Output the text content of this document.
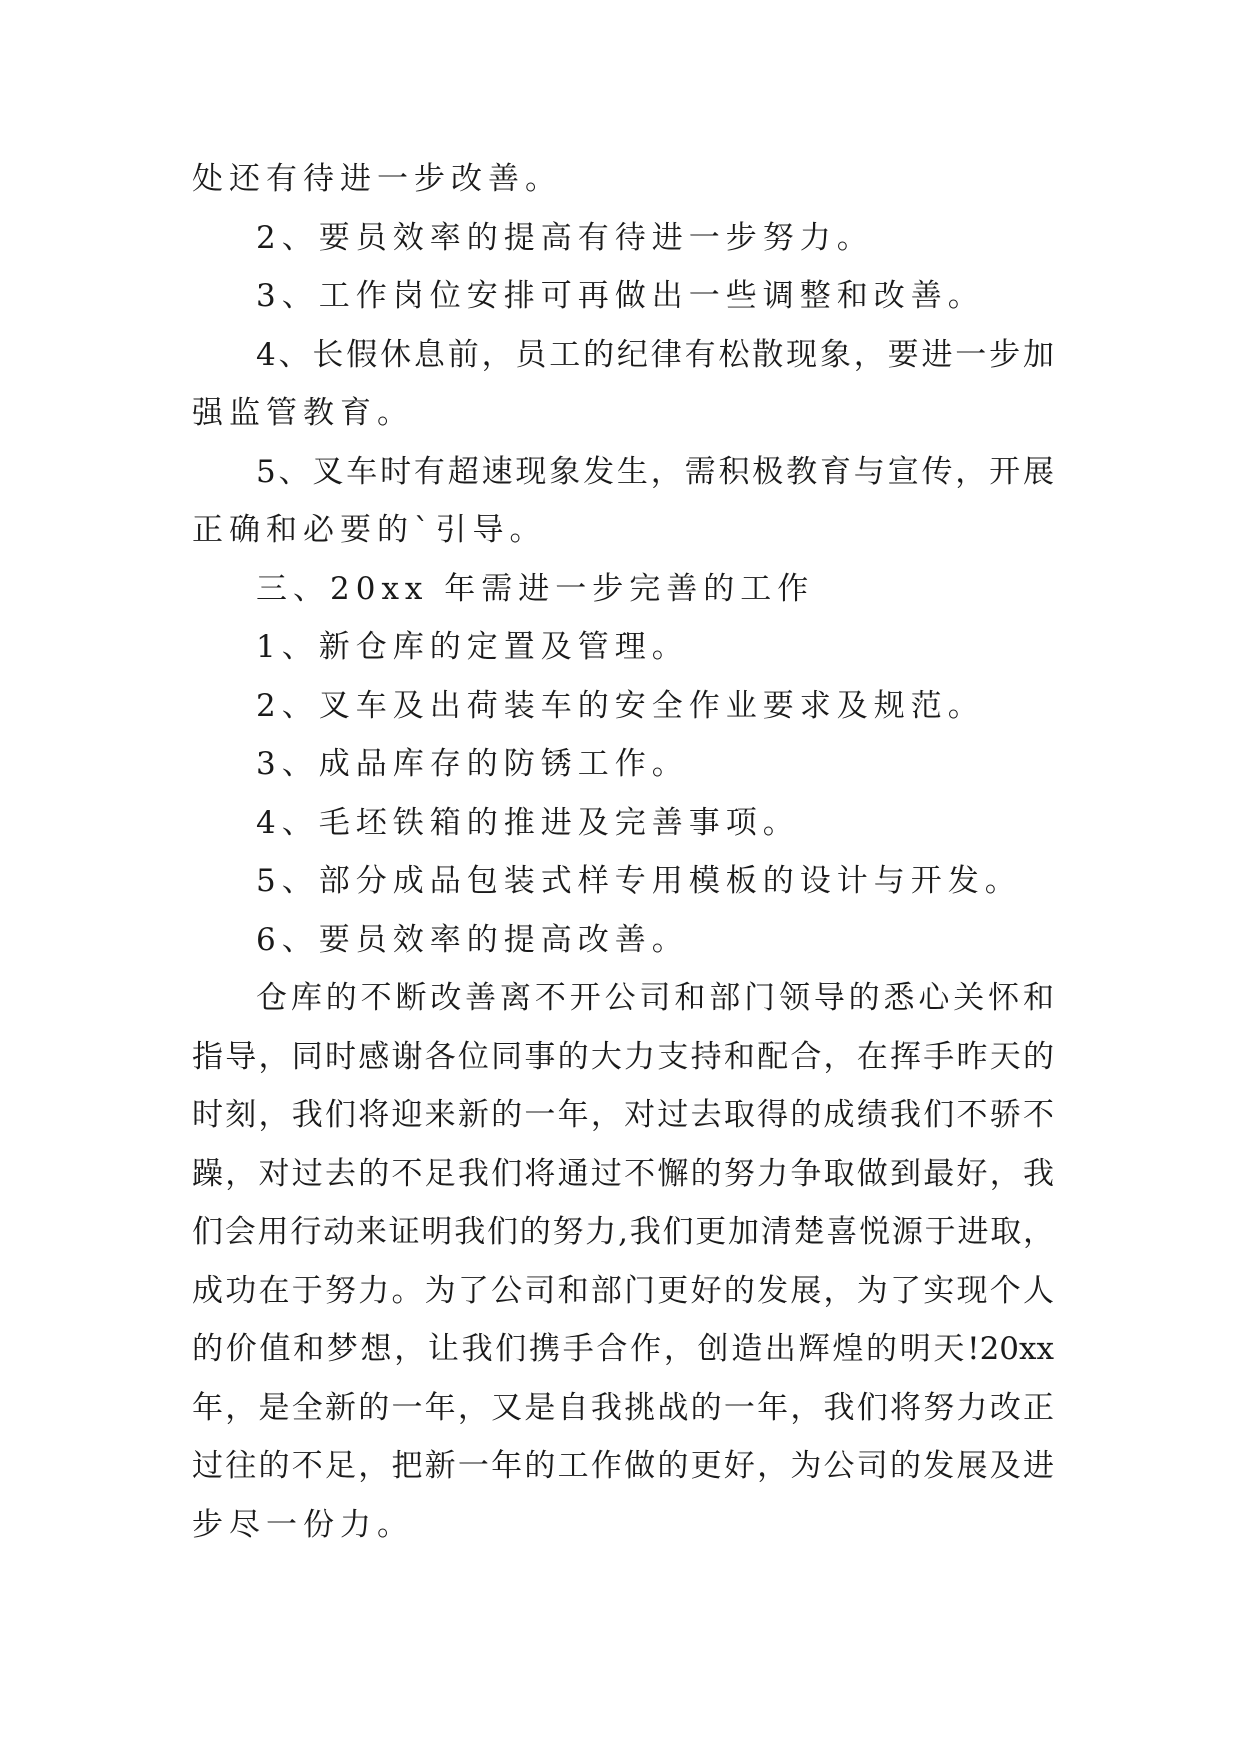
处还有待进一步改善。
2、要员效率的提高有待进一步努力。
3、工作岗位安排可再做出一些调整和改善。
4、长假休息前，员工的纪律有松散现象，要进一步加
强监管教育。
5、叉车时有超速现象发生，需积极教育与宣传，开展
正确和必要的`引导。
三、20xx 年需进一步完善的工作
1、新仓库的定置及管理。
2、叉车及出荷装车的安全作业要求及规范。
3、成品库存的防锈工作。
4、毛坯铁箱的推进及完善事项。
5、部分成品包装式样专用模板的设计与开发。
6、要员效率的提高改善。
仓库的不断改善离不开公司和部门领导的悉心关怀和
指导，同时感谢各位同事的大力支持和配合，在挥手昨天的
时刻，我们将迎来新的一年，对过去取得的成绩我们不骄不
躁，对过去的不足我们将通过不懈的努力争取做到最好，我
们会用行动来证明我们的努力,我们更加清楚喜悦源于进取，
成功在于努力。为了公司和部门更好的发展，为了实现个人
的价值和梦想，让我们携手合作，创造出辉煌的明天!20xx
年，是全新的一年，又是自我挑战的一年，我们将努力改正
过往的不足，把新一年的工作做的更好，为公司的发展及进
步尽一份力。
